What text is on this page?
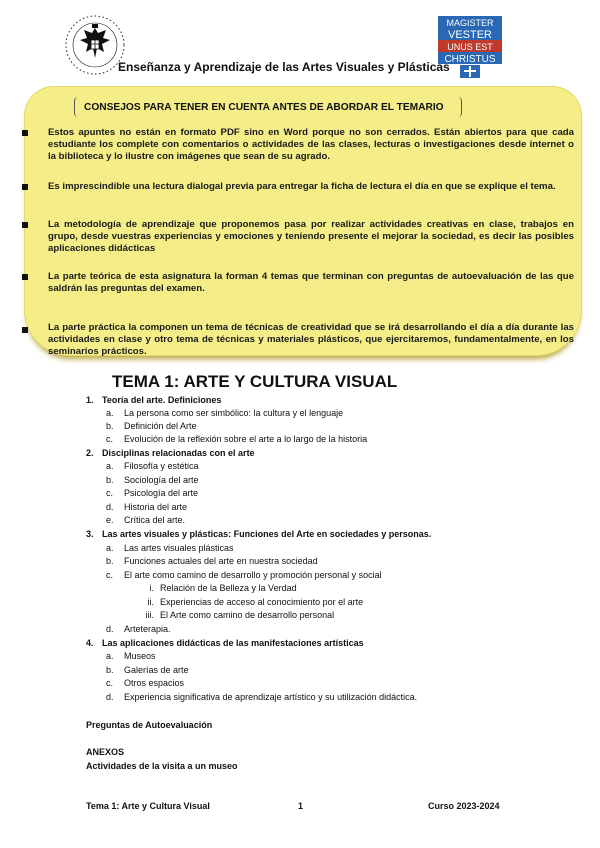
MAGISTER
VESTER
UNUS EST
CHRISTUS
Enseñanza y Aprendizaje de las Artes Visuales y Plásticas
CONSEJOS PARA TENER EN CUENTA ANTES DE ABORDAR EL TEMARIO
Estos apuntes no están en formato PDF sino en Word porque no son cerrados. Están abiertos para que cada estudiante los complete con comentarios o actividades de las clases, lecturas o investigaciones desde internet o la biblioteca y lo ilustre con imágenes que sean de su agrado.
Es imprescindible una lectura dialogal previa para entregar la ficha de lectura el día en que se explique el tema.
La metodología de aprendizaje que proponemos pasa por realizar actividades creativas en clase, trabajos en grupo, desde vuestras experiencias y emociones y teniendo presente el mejorar la sociedad, es decir las posibles aplicaciones didácticas
La parte teórica de esta asignatura la forman 4 temas que terminan con preguntas de autoevaluación de las que saldrán las preguntas del examen.
La parte práctica la componen un tema de técnicas de creatividad que se irá desarrollando el día a día durante las actividades en clase y otro tema de técnicas y materiales plásticos, que ejercitaremos, fundamentalmente, en los seminarios prácticos.
TEMA 1: ARTE Y CULTURA VISUAL
1. Teoría del arte. Definiciones
a. La persona como ser simbólico: la cultura y el lenguaje
b. Definición del Arte
c. Evolución de la reflexión sobre el arte a lo largo de la historia
2. Disciplinas relacionadas con el arte
a. Filosofía y estética
b. Sociología del arte
c. Psicología del arte
d. Historia del arte
e. Crítica del arte.
3. Las artes visuales y plásticas: Funciones del Arte en sociedades y personas.
a. Las artes visuales plásticas
b. Funciones actuales del arte en nuestra sociedad
c. El arte como camino de desarrollo y promoción personal y social
i. Relación de la Belleza y la Verdad
ii. Experiencias de acceso al conocimiento por el arte
iii. El Arte como camino de desarrollo personal
d. Arteterapia.
4. Las aplicaciones didácticas de las manifestaciones artísticas
a. Museos
b. Galerías de arte
c. Otros espacios
d. Experiencia significativa de aprendizaje artístico y su utilización didáctica.
Preguntas de Autoevaluación
ANEXOS
Actividades de la visita a un museo
Tema 1: Arte y Cultura Visual	1	Curso 2023-2024
